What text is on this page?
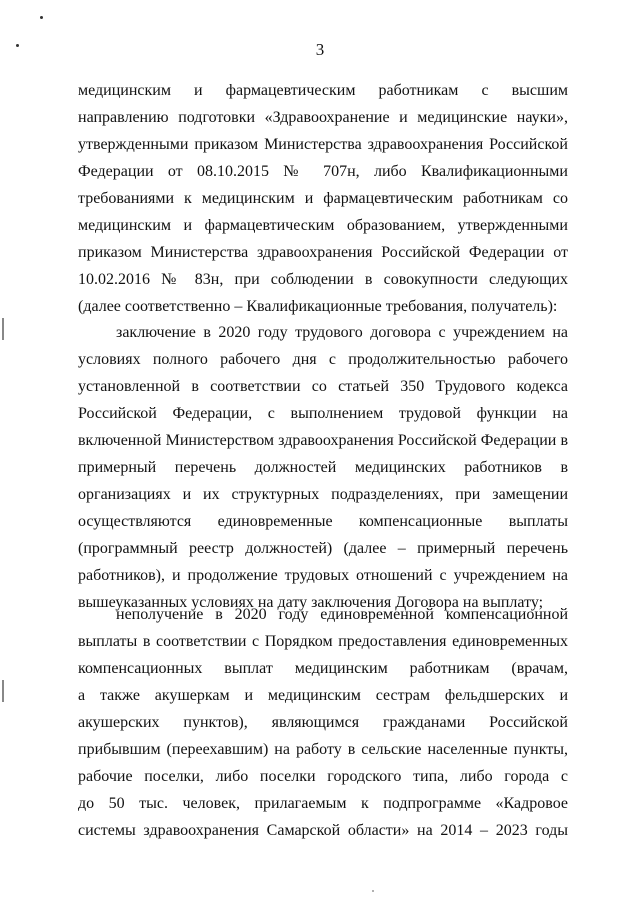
3
медицинским и фармацевтическим работникам с высшим
направлению подготовки «Здравоохранение и медицинские науки»,
утвержденными приказом Министерства здравоохранения Российской
Федерации от 08.10.2015 № 707н, либо Квалификационными
требованиями к медицинским и фармацевтическим работникам со
медицинским и фармацевтическим образованием, утвержденными
приказом Министерства здравоохранения Российской Федерации от
10.02.2016 № 83н, при соблюдении в совокупности следующих
(далее соответственно – Квалификационные требования, получатель):
заключение в 2020 году трудового договора с учреждением на
условиях полного рабочего дня с продолжительностью рабочего
установленной в соответствии со статьей 350 Трудового кодекса
Российской Федерации, с выполнением трудовой функции на
включенной Министерством здравоохранения Российской Федерации в
примерный перечень должностей медицинских работников в
организациях и их структурных подразделениях, при замещении
осуществляются единовременные компенсационные выплаты
(программный реестр должностей) (далее – примерный перечень
работников), и продолжение трудовых отношений с учреждением на
вышеуказанных условиях на дату заключения Договора на выплату;
неполучение в 2020 году единовременной компенсационной
выплаты в соответствии с Порядком предоставления единовременных
компенсационных выплат медицинским работникам (врачам,
а также акушеркам и медицинским сестрам фельдшерских и
акушерских пунктов), являющимся гражданами Российской
прибывшим (переехавшим) на работу в сельские населенные пункты,
рабочие поселки, либо поселки городского типа, либо города с
до 50 тыс. человек, прилагаемым к подпрограмме «Кадровое
системы здравоохранения Самарской области» на 2014 – 2023 годы
